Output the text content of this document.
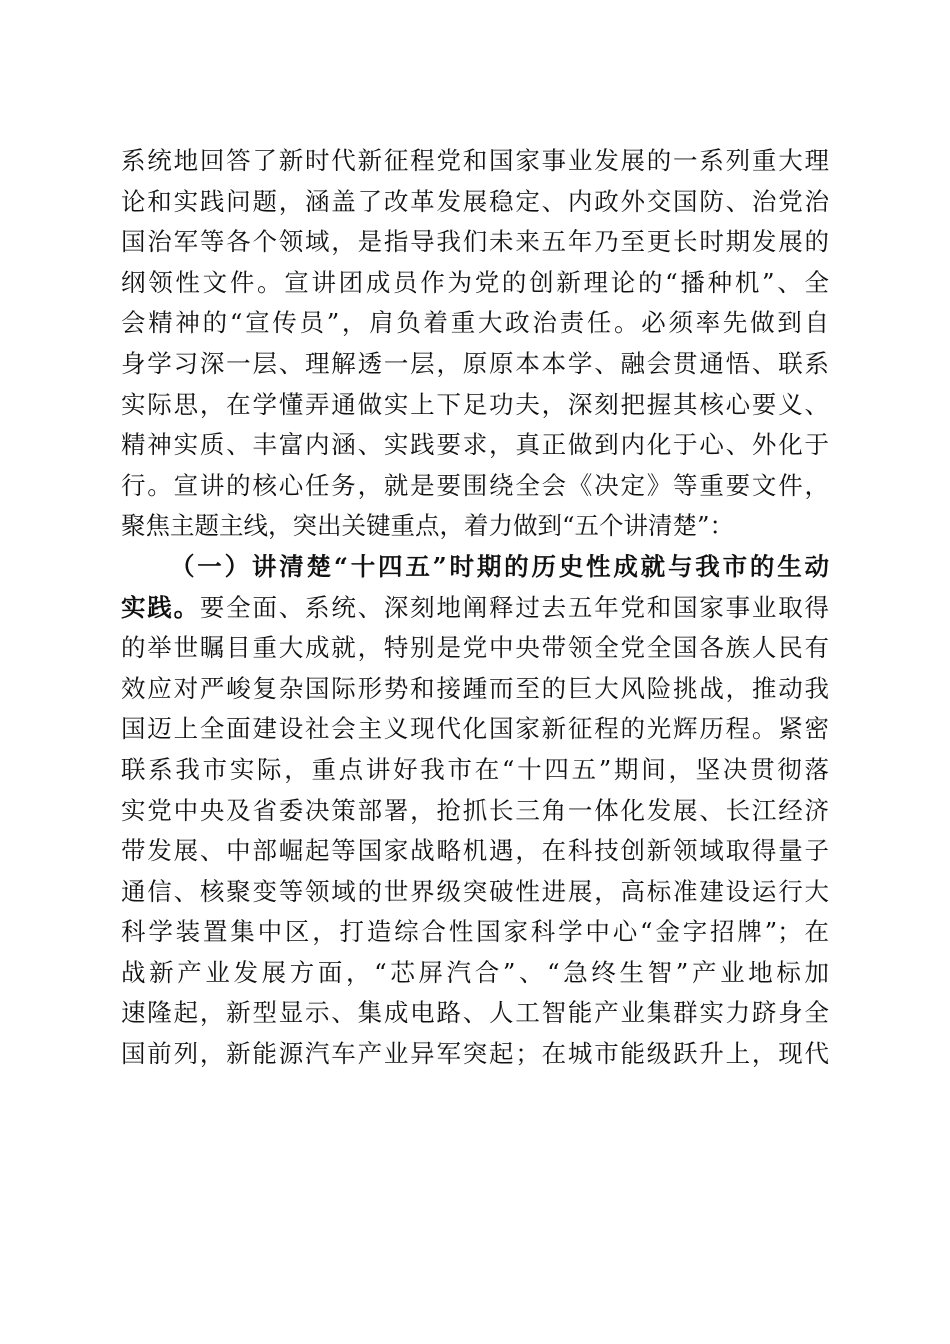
系统地回答了新时代新征程党和国家事业发展的一系列重大理
论和实践问题，涵盖了改革发展稳定、内政外交国防、治党治
国治军等各个领域，是指导我们未来五年乃至更长时期发展的
纲领性文件。宣讲团成员作为党的创新理论的“播种机”、全
会精神的“宣传员”，肩负着重大政治责任。必须率先做到自
身学习深一层、理解透一层，原原本本学、融会贯通悟、联系
实际思，在学懂弄通做实上下足功夫，深刻把握其核心要义、
精神实质、丰富内涵、实践要求，真正做到内化于心、外化于
行。宣讲的核心任务，就是要围绕全会《决定》等重要文件，
聚焦主题主线，突出关键重点，着力做到“五个讲清楚”：
（一）讲清楚“十四五”时期的历史性成就与我市的生动
实践。要全面、系统、深刻地阐释过去五年党和国家事业取得
的举世瞩目重大成就，特别是党中央带领全党全国各族人民有
效应对严峻复杂国际形势和接踵而至的巨大风险挑战，推动我
国迈上全面建设社会主义现代化国家新征程的光辉历程。紧密
联系我市实际，重点讲好我市在“十四五”期间，坚决贯彻落
实党中央及省委决策部署，抢抓长三角一体化发展、长江经济
带发展、中部崛起等国家战略机遇，在科技创新领域取得量子
通信、核聚变等领域的世界级突破性进展，高标准建设运行大
科学装置集中区，打造综合性国家科学中心“金字招牌”；在
战新产业发展方面，“芯屏汽合”、“急终生智”产业地标加
速隆起，新型显示、集成电路、人工智能产业集群实力跻身全
国前列，新能源汽车产业异军突起；在城市能级跃升上，现代
